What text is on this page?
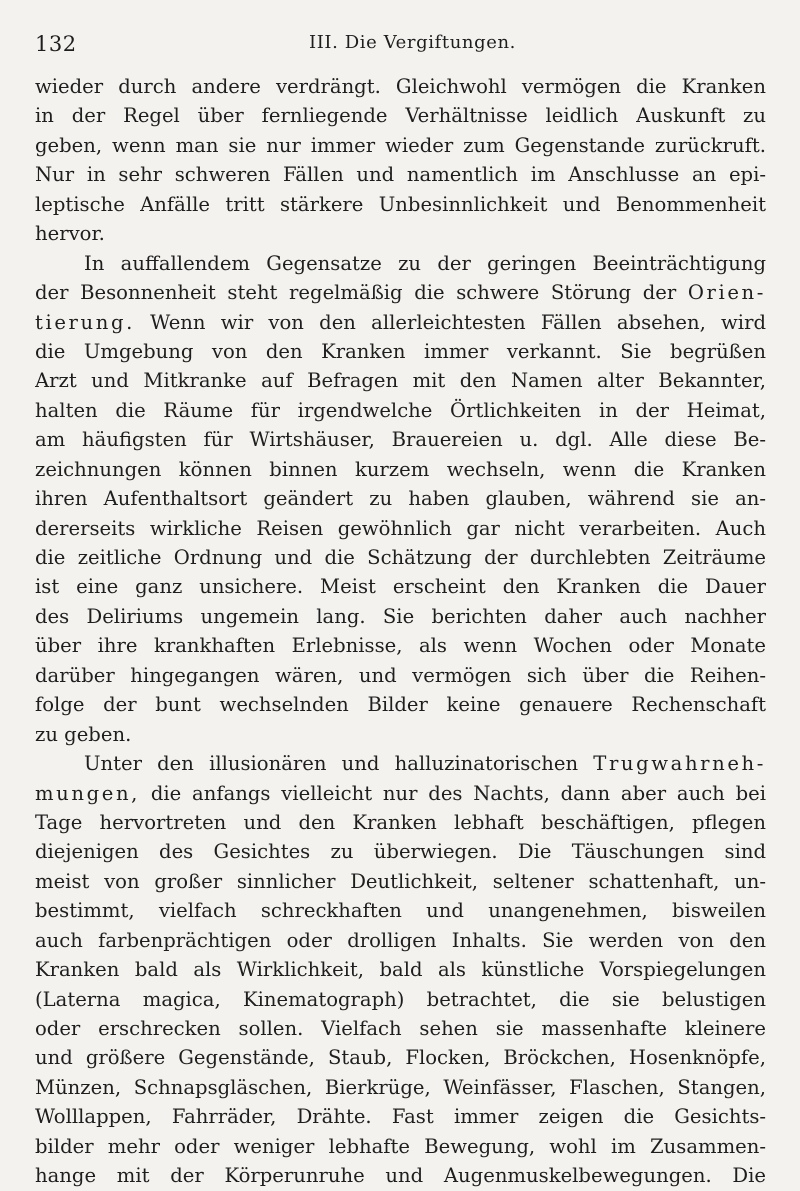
132	III. Die Vergiftungen.

wieder durch andere verdrängt. Gleichwohl vermögen die Kranken
in der Regel über fernliegende Verhältnisse leidlich Auskunft zu
geben, wenn man sie nur immer wieder zum Gegenstande zurückruft.
Nur in sehr schweren Fällen und namentlich im Anschlusse an epi-
leptische Anfälle tritt stärkere Unbesinnlichkeit und Benommenheit
hervor.

In auffallendem Gegensatze zu der geringen Beeinträchtigung
der Besonnenheit steht regelmäßig die schwere Störung der Orien-
tierung. Wenn wir von den allerleichtesten Fällen absehen, wird
die Umgebung von den Kranken immer verkannt. Sie begrüßen
Arzt und Mitkranke auf Befragen mit den Namen alter Bekannter,
halten die Räume für irgendwelche Örtlichkeiten in der Heimat,
am häufigsten für Wirtshäuser, Brauereien u. dgl. Alle diese Be-
zeichnungen können binnen kurzem wechseln, wenn die Kranken
ihren Aufenthaltsort geändert zu haben glauben, während sie an-
dererseits wirkliche Reisen gewöhnlich gar nicht verarbeiten. Auch
die zeitliche Ordnung und die Schätzung der durchlebten Zeiträume
ist eine ganz unsichere. Meist erscheint den Kranken die Dauer
des Deliriums ungemein lang. Sie berichten daher auch nachher
über ihre krankhaften Erlebnisse, als wenn Wochen oder Monate
darüber hingegangen wären, und vermögen sich über die Reihen-
folge der bunt wechselnden Bilder keine genauere Rechenschaft
zu geben.

Unter den illusionären und halluzinatorischen Trugwahrneh-
mungen, die anfangs vielleicht nur des Nachts, dann aber auch bei
Tage hervortreten und den Kranken lebhaft beschäftigen, pflegen
diejenigen des Gesichtes zu überwiegen. Die Täuschungen sind
meist von großer sinnlicher Deutlichkeit, seltener schattenhaft, un-
bestimmt, vielfach schreckhaften und unangenehmen, bisweilen
auch farbenprächtigen oder drolligen Inhalts. Sie werden von den
Kranken bald als Wirklichkeit, bald als künstliche Vorspiegelungen
(Laterna magica, Kinematograph) betrachtet, die sie belustigen
oder erschrecken sollen. Vielfach sehen sie massenhafte kleinere
und größere Gegenstände, Staub, Flocken, Bröckchen, Hosenknöpfe,
Münzen, Schnapsgläschen, Bierkrüge, Weinfässer, Flaschen, Stangen,
Wolllappen, Fahrräder, Drähte. Fast immer zeigen die Gesichts-
bilder mehr oder weniger lebhafte Bewegung, wohl im Zusammen-
hange mit der Körperunruhe und Augenmuskelbewegungen. Die
